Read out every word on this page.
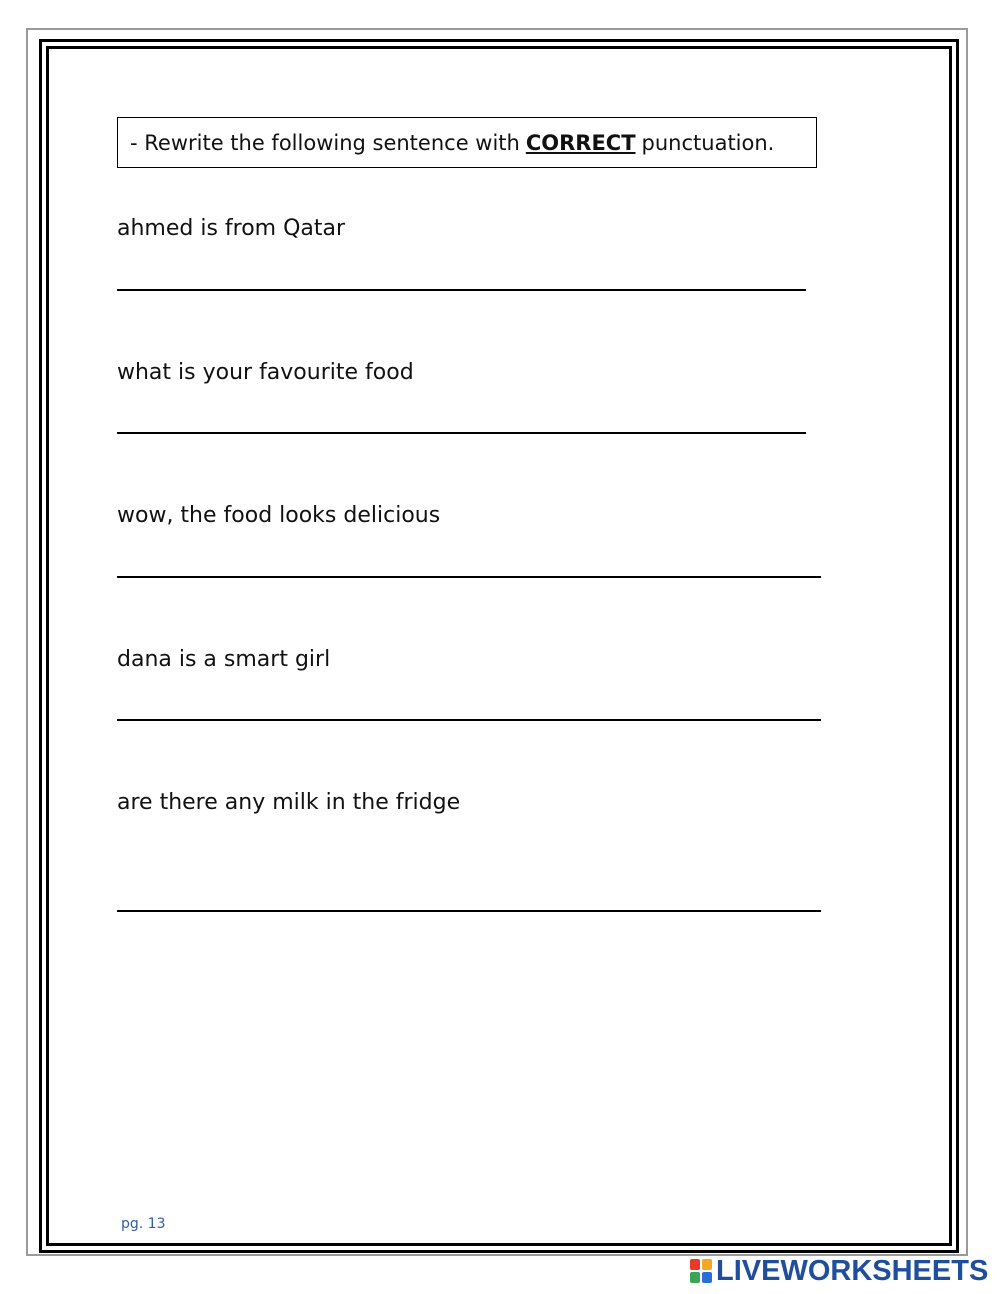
- Rewrite the following sentence with CORRECT punctuation.
ahmed is from Qatar
what is your favourite food
wow, the food looks delicious
dana is a smart girl
are there any milk in the fridge
pg. 13
LIVEWORKSHEETS
